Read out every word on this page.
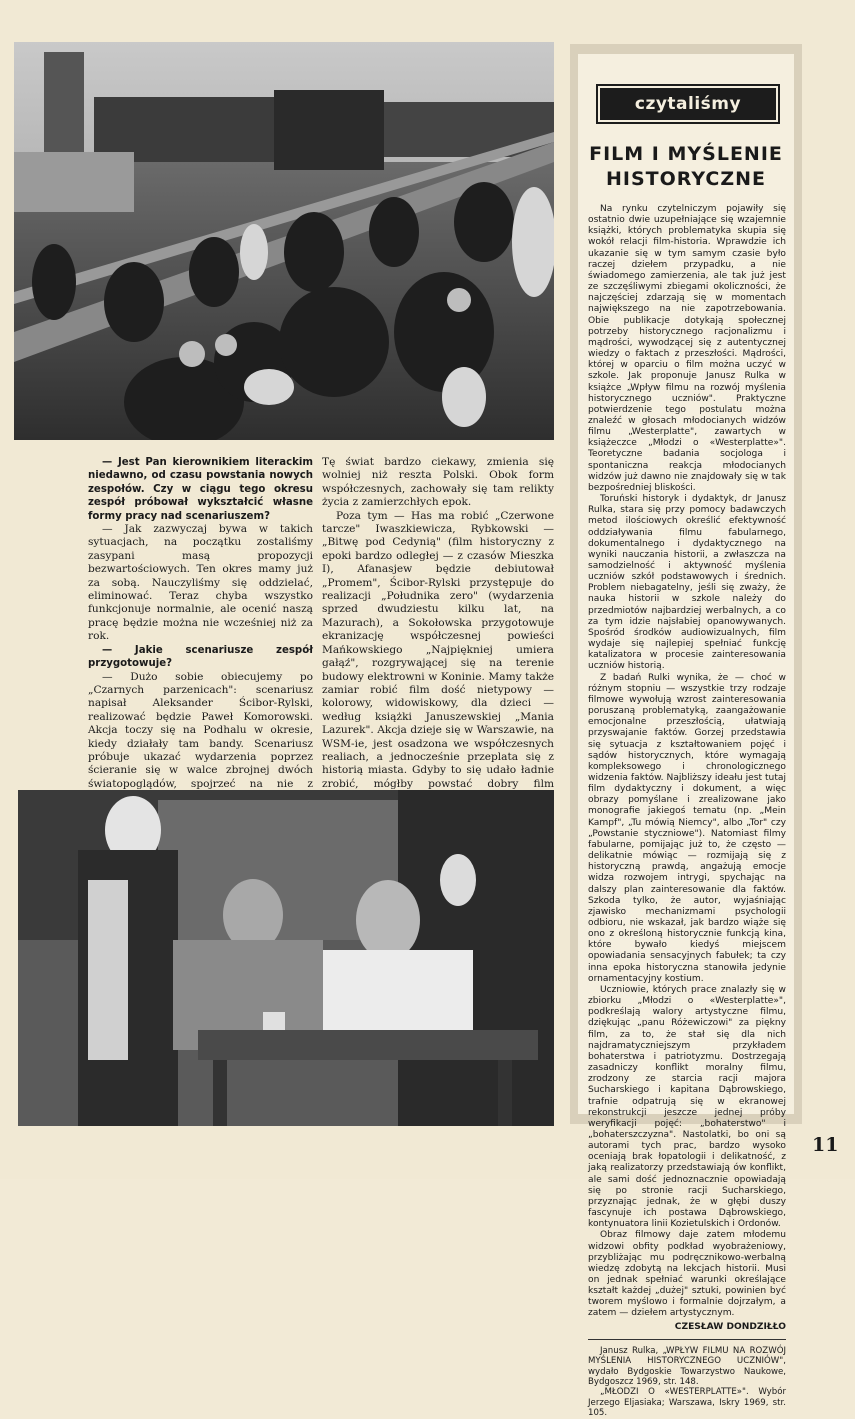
— Jest Pan kierownikiem literackim niedawno, od czasu powstania nowych zespołów. Czy w ciągu tego okresu zespół próbował wykształcić własne formy pracy nad scenariuszem?

— Jak zazwyczaj bywa w takich sytuacjach, na początku zostaliśmy zasypani masą propozycji bezwartościowych. Ten okres mamy już za sobą. Nauczyliśmy się oddzielać, eliminować. Teraz chyba wszystko funkcjonuje normalnie, ale ocenić naszą pracę będzie można nie wcześniej niż za rok.

— Jakie scenariusze zespół przygotowuje?

— Dużo sobie obiecujemy po „Czarnych parzenicach": scenariusz napisał Aleksander Ścibor-Rylski, realizować będzie Paweł Komorowski. Akcja toczy się na Podhalu w okresie, kiedy działały tam bandy. Scenariusz próbuje ukazać wydarzenia poprzez ścieranie się w walce zbrojnej dwóch światopoglądów, spojrzeć na nie z

Tę świat bardzo ciekawy, zmienia się wolniej niż reszta Polski. Obok form współczesnych, zachowały się tam relikty życia z zamierzchłych epok.

Poza tym — Has ma robić „Czerwone tarcze" Iwaszkiewicza, Rybkowski — „Bitwę pod Cedynią" (film historyczny z epoki bardzo odległej — z czasów Mieszka I), Afanasjew będzie debiutował „Promem", Ścibor-Rylski przystępuje do realizacji „Południka zero" (wydarzenia sprzed dwudziestu kilku lat, na Mazurach), a Sokołowska przygotowuje ekranizację współczesnej powieści Mańkowskiego „Najpiękniej umiera gałąź", rozgrywającej się na terenie budowy elektrowni w Koninie. Mamy także zamiar robić film dość nietypowy — kolorowy, widowiskowy, dla dzieci — według książki Januszewskiej „Mania Lazurek". Akcja dzieje się w Warszawie, na WSM-ie, jest osadzona we współczesnych realiach, a jednocześnie przeplata się z historią miasta. Gdyby to się udało ładnie zrobić, mógłby powstać dobry film

czytaliśmy
FILM I MYŚLENIE
HISTORYCZNE

Na rynku czytelniczym pojawiły się ostatnio dwie uzupełniające się wzajemnie książki, których problematyka skupia się wokół relacji film-historia. Wprawdzie ich ukazanie się w tym samym czasie było raczej dziełem przypadku, a nie świadomego zamierzenia, ale tak już jest ze szczęśliwymi zbiegami okoliczności, że najczęściej zdarzają się w momentach największego na nie zapotrzebowania. Obie publikacje dotykają społecznej potrzeby historycznego racjonalizmu i mądrości, wywodzącej się z autentycznej wiedzy o faktach z przeszłości. Mądrości, której w oparciu o film można uczyć w szkole. Jak proponuje Janusz Rulka w książce „Wpływ filmu na rozwój myślenia historycznego uczniów". Praktyczne potwierdzenie tego postulatu można znaleźć w głosach młodocianych widzów filmu „Westerplatte", zawartych w książeczce „Młodzi o «Westerplatte»". Teoretyczne badania socjologa i spontaniczna reakcja młodocianych widzów już dawno nie znajdowały się w tak bezpośredniej bliskości.

Toruński historyk i dydaktyk, dr Janusz Rulka, stara się przy pomocy badawczych metod ilościowych określić efektywność oddziaływania filmu fabularnego, dokumentalnego i dydaktycznego na wyniki nauczania historii, a zwłaszcza na samodzielność i aktywność myślenia uczniów szkół podstawowych i średnich. Problem niebagatelny, jeśli się zważy, że nauka historii w szkole należy do przedmiotów najbardziej werbalnych, a co za tym idzie najsłabiej opanowywanych. Spośród środków audiowizualnych, film wydaje się najlepiej spełniać funkcję katalizatora w procesie zainteresowania uczniów historią.

Z badań Rulki wynika, że — choć w różnym stopniu — wszystkie trzy rodzaje filmowe wywołują wzrost zainteresowania poruszaną problematyką, zaangażowanie emocjonalne przeszłością, ułatwiają przyswajanie faktów. Gorzej przedstawia się sytuacja z kształtowaniem pojęć i sądów historycznych, które wymagają kompleksowego i chronologicznego widzenia faktów. Najbliższy ideału jest tutaj film dydaktyczny i dokument, a więc obrazy pomyślane i zrealizowane jako monografie jakiegoś tematu (np. „Mein Kampf", „Tu mówią Niemcy", albo „Tor" czy „Powstanie styczniowe"). Natomiast filmy fabularne, pomijając już to, że często — delikatnie mówiąc — rozmijają się z historyczną prawdą, angażują emocje widza rozwojem intrygi, spychając na dalszy plan zainteresowanie dla faktów. Szkoda tylko, że autor, wyjaśniając zjawisko mechanizmami psychologii odbioru, nie wskazał, jak bardzo wiąże się ono z określoną historycznie funkcją kina, które bywało kiedyś miejscem opowiadania sensacyjnych fabułek; ta czy inna epoka historyczna stanowiła jedynie ornamentacyjny kostium.

Uczniowie, których prace znalazły się w zbiorku „Młodzi o «Westerplatte»", podkreślają walory artystyczne filmu, dziękując „panu Różewiczowi" za piękny film, za to, że stał się dla nich najdramatyczniejszym przykładem bohaterstwa i patriotyzmu. Dostrzegają zasadniczy konflikt moralny filmu, zrodzony ze starcia racji majora Sucharskiego i kapitana Dąbrowskiego, trafnie odpatrują się w ekranowej rekonstrukcji jeszcze jednej próby weryfikacji pojęć: „bohaterstwo" i „bohaterszczyzna". Nastolatki, bo oni są autorami tych prac, bardzo wysoko oceniają brak łopatologii i delikatność, z jaką realizatorzy przedstawiają ów konflikt, ale sami dość jednoznacznie opowiadają się po stronie racji Sucharskiego, przyznając jednak, że w głębi duszy fascynuje ich postawa Dąbrowskiego, kontynuatora linii Kozietulskich i Ordonów.

Obraz filmowy daje zatem młodemu widzowi obfity podkład wyobrażeniowy, przybliżając mu podręcznikowo-werbalną wiedzę zdobytą na lekcjach historii. Musi on jednak spełniać warunki określające kształt każdej „dużej" sztuki, powinien być tworem myślowo i formalnie dojrzałym, a zatem — dziełem artystycznym.

CZESŁAW DONDZIŁŁO

Janusz Rulka, „WPŁYW FILMU NA ROZWÓJ MYŚLENIA HISTORYCZNEGO UCZNIÓW", wydało Bydgoskie Towarzystwo Naukowe, Bydgoszcz 1969, str. 148.

„MŁODZI O «WESTERPLATTE»". Wybór Jerzego Eljasiaka; Warszawa, Iskry 1969, str. 105.

11
